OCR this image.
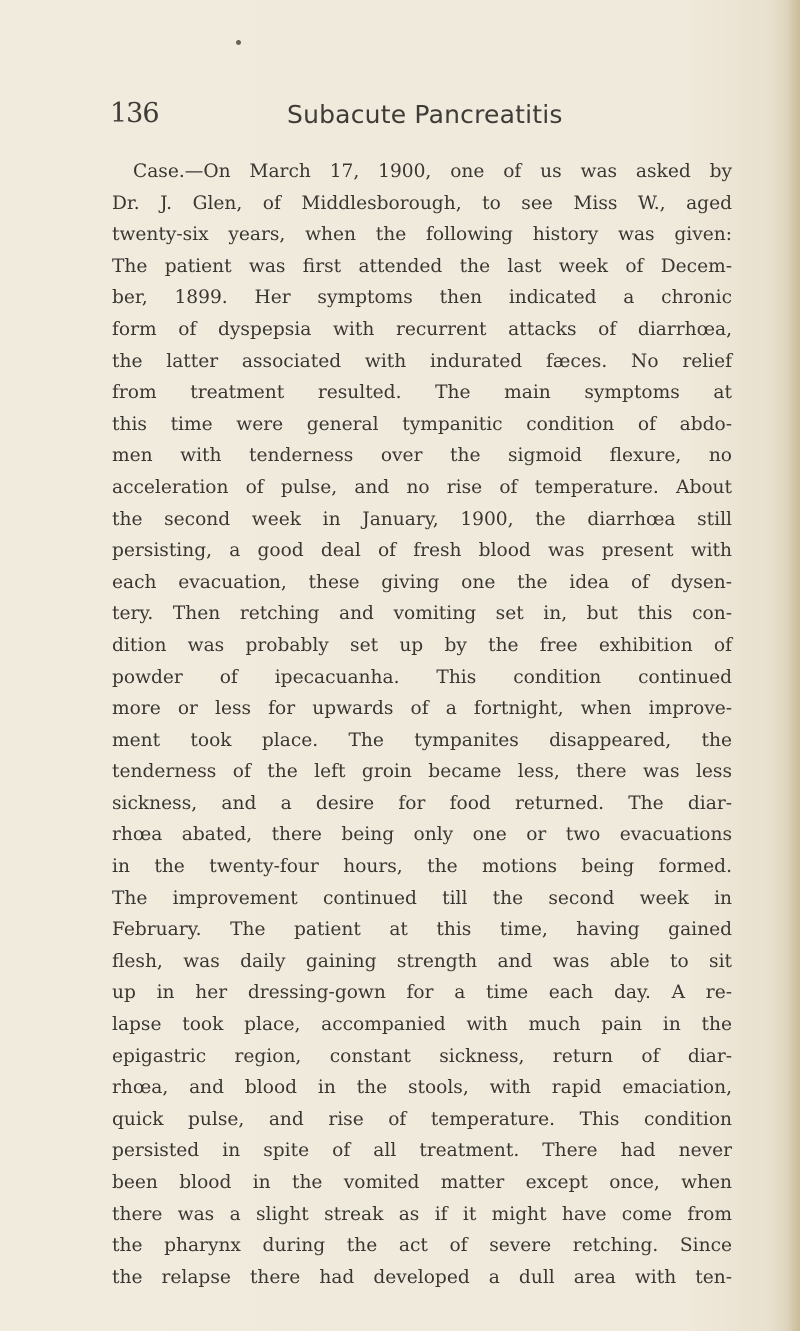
136	Subacute Pancreatitis
Case.—On March 17, 1900, one of us was asked by
Dr. J. Glen, of Middlesborough, to see Miss W., aged
twenty-six years, when the following history was given:
The patient was first attended the last week of Decem-
ber, 1899. Her symptoms then indicated a chronic
form of dyspepsia with recurrent attacks of diarrhœa,
the latter associated with indurated fæces. No relief
from treatment resulted. The main symptoms at
this time were general tympanitic condition of abdo-
men with tenderness over the sigmoid flexure, no
acceleration of pulse, and no rise of temperature. About
the second week in January, 1900, the diarrhœa still
persisting, a good deal of fresh blood was present with
each evacuation, these giving one the idea of dysen-
tery. Then retching and vomiting set in, but this con-
dition was probably set up by the free exhibition of
powder of ipecacuanha. This condition continued
more or less for upwards of a fortnight, when improve-
ment took place. The tympanites disappeared, the
tenderness of the left groin became less, there was less
sickness, and a desire for food returned. The diar-
rhœa abated, there being only one or two evacuations
in the twenty-four hours, the motions being formed.
The improvement continued till the second week in
February. The patient at this time, having gained
flesh, was daily gaining strength and was able to sit
up in her dressing-gown for a time each day. A re-
lapse took place, accompanied with much pain in the
epigastric region, constant sickness, return of diar-
rhœa, and blood in the stools, with rapid emaciation,
quick pulse, and rise of temperature. This condition
persisted in spite of all treatment. There had never
been blood in the vomited matter except once, when
there was a slight streak as if it might have come from
the pharynx during the act of severe retching. Since
the relapse there had developed a dull area with ten-
